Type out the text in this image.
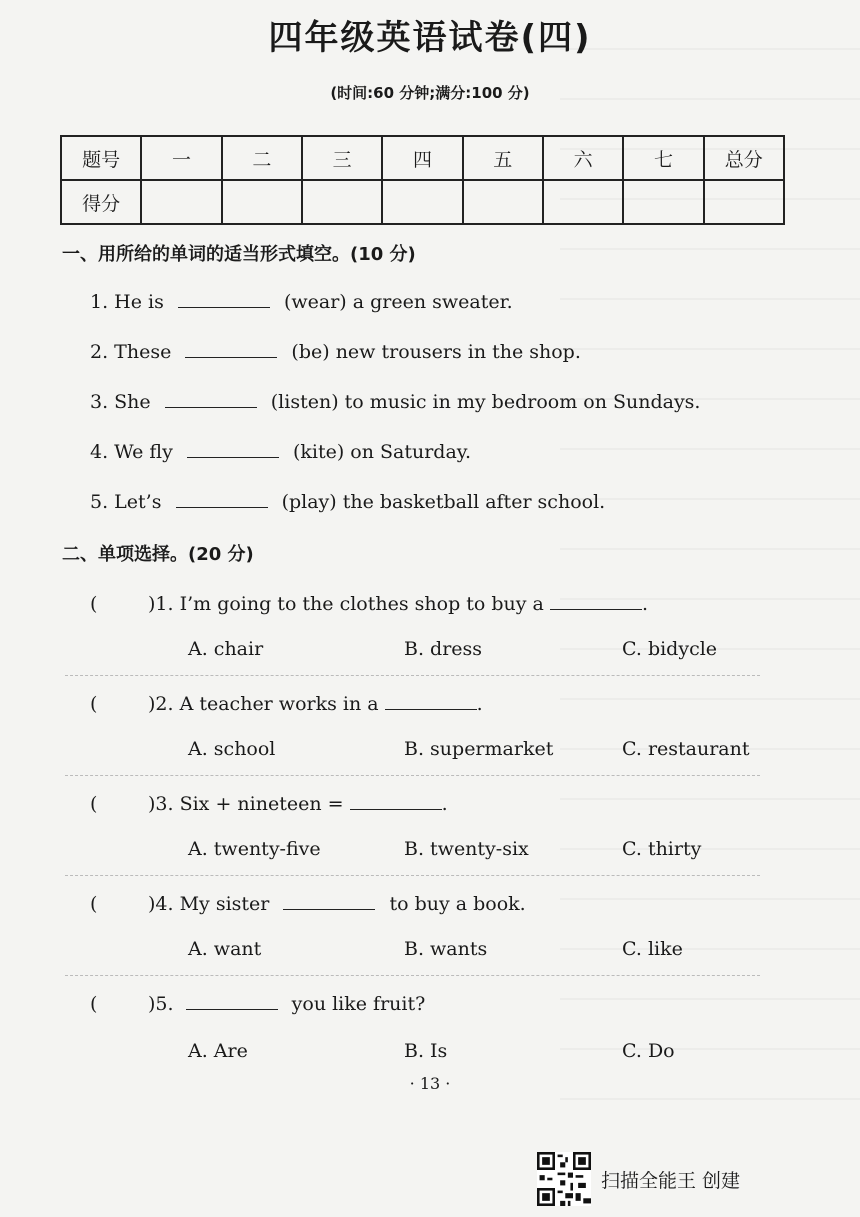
四年级英语试卷(四)
(时间:60 分钟;满分:100 分)
题号	一	二	三	四	五	六	七	总分
得分								
一、用所给的单词的适当形式填空。(10 分)
1. He is	(wear) a green sweater.
2. These	(be) new trousers in the shop.
3. She	(listen) to music in my bedroom on Sundays.
4. We fly	(kite) on Saturday.
5. Let’s	(play) the basketball after school.
二、单项选择。(20 分)
(	)1. I’m going to the clothes shop to buy a	.
A. chair	B. dress	C. bidycle
(	)2. A teacher works in a	.
A. school	B. supermarket	C. restaurant
(	)3. Six + nineteen =	.
A. twenty-five	B. twenty-six	C. thirty
(	)4. My sister	to buy a book.
A. want	B. wants	C. like
(	)5.	you like fruit?
A. Are	B. Is	C. Do
· 13 ·
扫描全能王 创建
